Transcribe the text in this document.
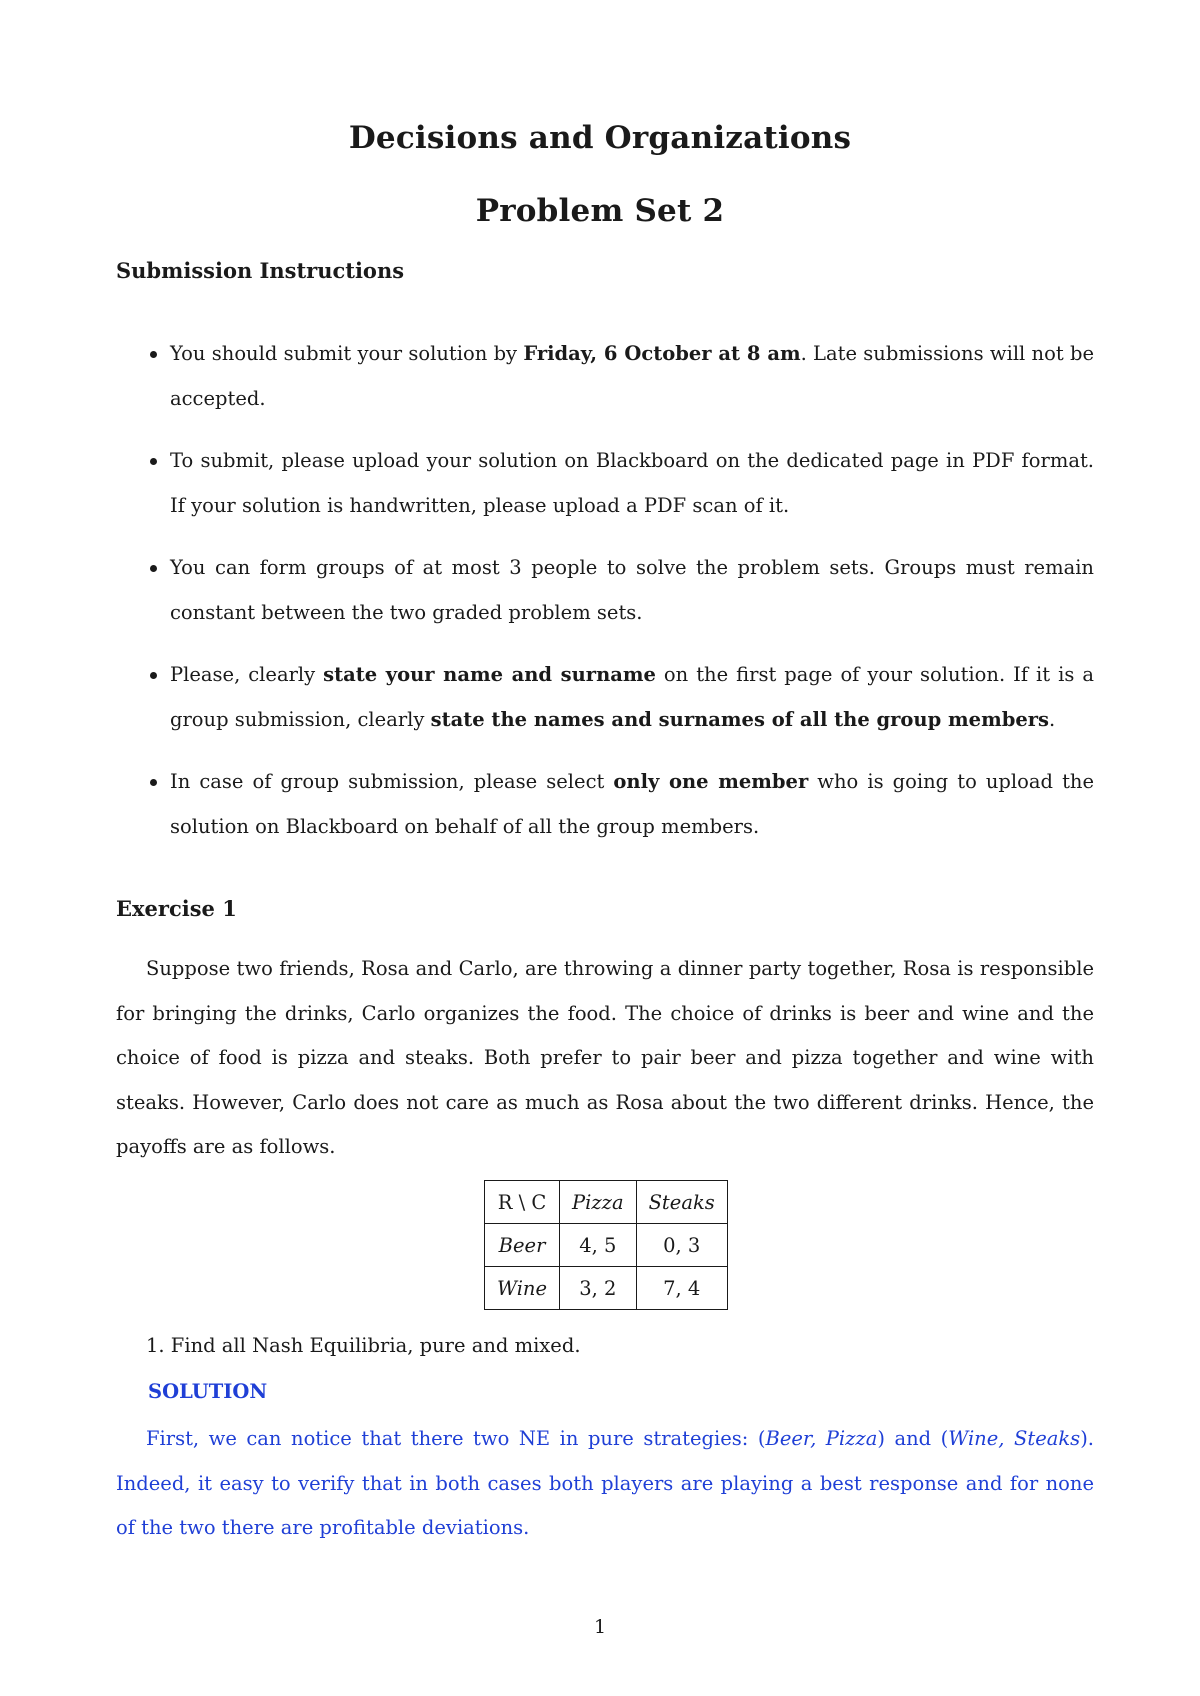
Decisions and Organizations
Problem Set 2
Submission Instructions
You should submit your solution by Friday, 6 October at 8 am. Late submissions will not be accepted.
To submit, please upload your solution on Blackboard on the dedicated page in PDF format. If your solution is handwritten, please upload a PDF scan of it.
You can form groups of at most 3 people to solve the problem sets. Groups must remain constant between the two graded problem sets.
Please, clearly state your name and surname on the first page of your solution. If it is a group submission, clearly state the names and surnames of all the group members.
In case of group submission, please select only one member who is going to upload the solution on Blackboard on behalf of all the group members.
Exercise 1
Suppose two friends, Rosa and Carlo, are throwing a dinner party together, Rosa is responsible for bringing the drinks, Carlo organizes the food. The choice of drinks is beer and wine and the choice of food is pizza and steaks. Both prefer to pair beer and pizza together and wine with steaks. However, Carlo does not care as much as Rosa about the two different drinks. Hence, the payoffs are as follows.
R \ C	Pizza	Steaks
Beer	4, 5	0, 3
Wine	3, 2	7, 4
1. Find all Nash Equilibria, pure and mixed.
SOLUTION
First, we can notice that there two NE in pure strategies: (Beer, Pizza) and (Wine, Steaks). Indeed, it easy to verify that in both cases both players are playing a best response and for none of the two there are profitable deviations.
1
